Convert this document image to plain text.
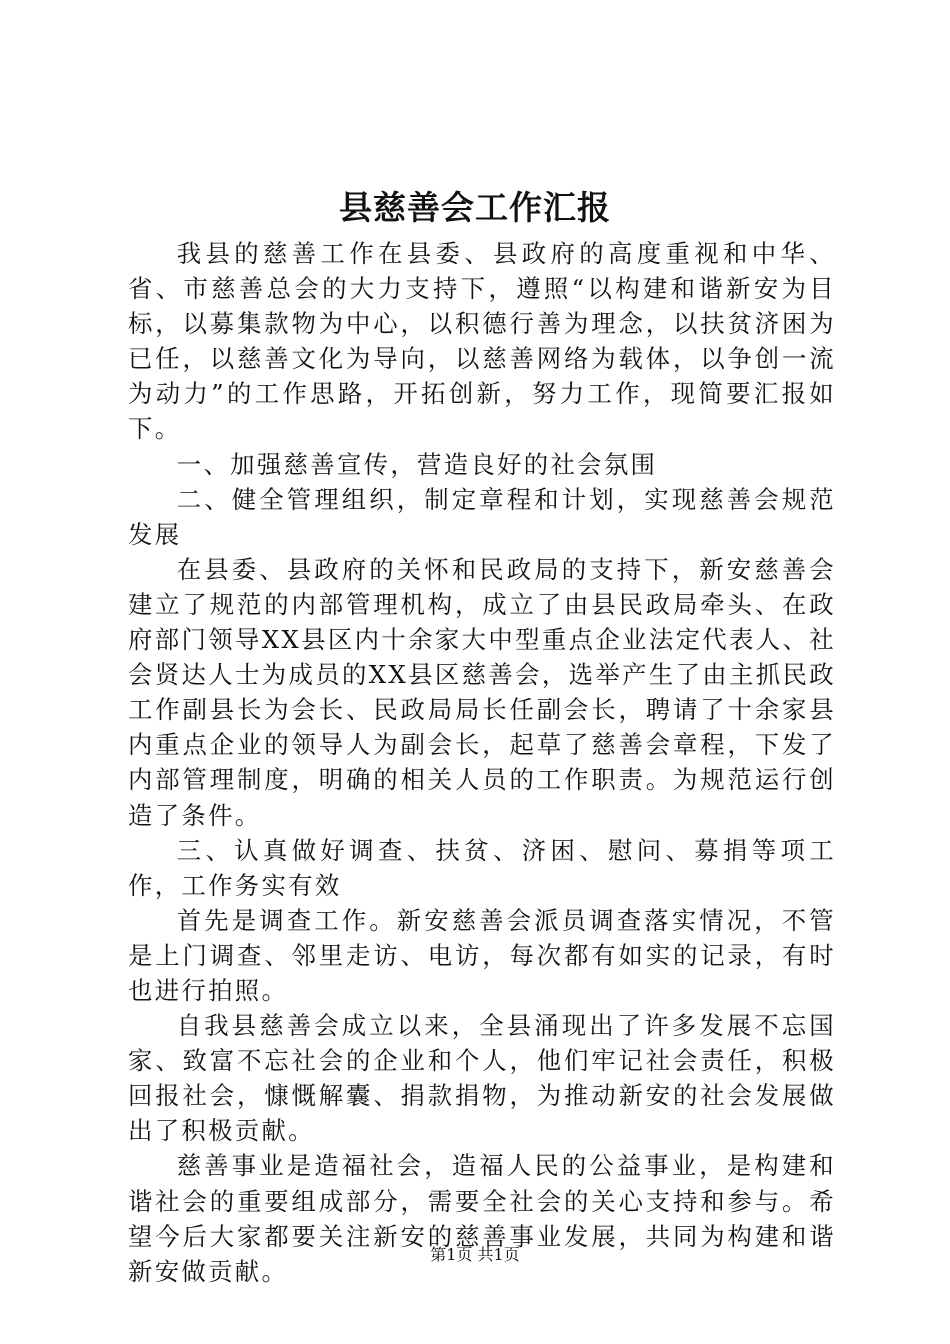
县慈善会工作汇报

我县的慈善工作在县委、县政府的高度重视和中华、省、市慈善总会的大力支持下，遵照“以构建和谐新安为目标，以募集款物为中心，以积德行善为理念，以扶贫济困为已任，以慈善文化为导向，以慈善网络为载体，以争创一流为动力”的工作思路，开拓创新，努力工作，现简要汇报如下。

一、加强慈善宣传，营造良好的社会氛围

二、健全管理组织，制定章程和计划，实现慈善会规范发展

在县委、县政府的关怀和民政局的支持下，新安慈善会建立了规范的内部管理机构，成立了由县民政局牵头、在政府部门领导XX县区内十余家大中型重点企业法定代表人、社会贤达人士为成员的XX县区慈善会，选举产生了由主抓民政工作副县长为会长、民政局局长任副会长，聘请了十余家县内重点企业的领导人为副会长，起草了慈善会章程，下发了内部管理制度，明确的相关人员的工作职责。为规范运行创造了条件。

三、认真做好调查、扶贫、济困、慰问、募捐等项工作，工作务实有效

首先是调查工作。新安慈善会派员调查落实情况，不管是上门调查、邻里走访、电访，每次都有如实的记录，有时也进行拍照。

自我县慈善会成立以来，全县涌现出了许多发展不忘国家、致富不忘社会的企业和个人，他们牢记社会责任，积极回报社会，慷慨解囊、捐款捐物，为推动新安的社会发展做出了积极贡献。

慈善事业是造福社会，造福人民的公益事业，是构建和谐社会的重要组成部分，需要全社会的关心支持和参与。希望今后大家都要关注新安的慈善事业发展，共同为构建和谐新安做贡献。

第1页 共1页
